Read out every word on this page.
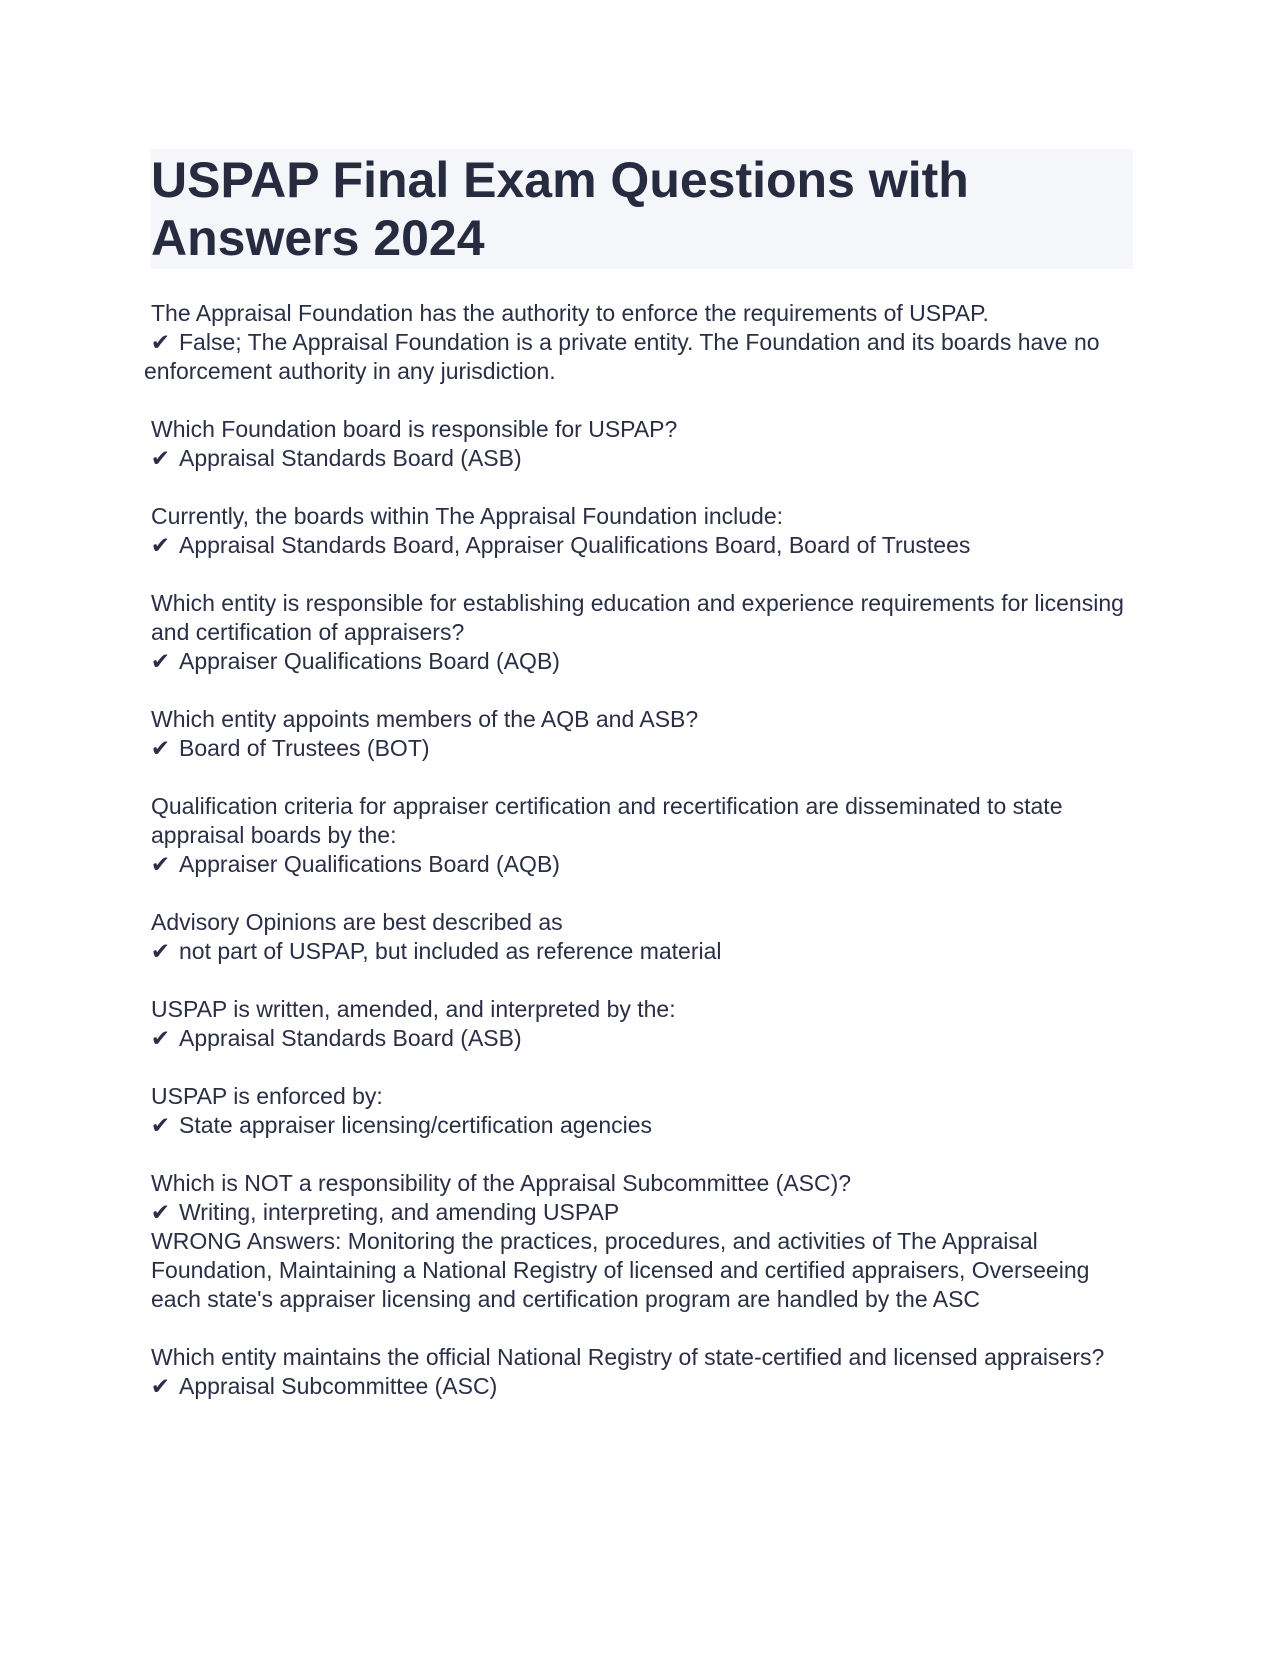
USPAP Final Exam Questions with Answers 2024
The Appraisal Foundation has the authority to enforce the requirements of USPAP.
✔ False; The Appraisal Foundation is a private entity. The Foundation and its boards have no enforcement authority in any jurisdiction.
Which Foundation board is responsible for USPAP?
✔ Appraisal Standards Board (ASB)
Currently, the boards within The Appraisal Foundation include:
✔ Appraisal Standards Board, Appraiser Qualifications Board, Board of Trustees
Which entity is responsible for establishing education and experience requirements for licensing and certification of appraisers?
✔ Appraiser Qualifications Board (AQB)
Which entity appoints members of the AQB and ASB?
✔ Board of Trustees (BOT)
Qualification criteria for appraiser certification and recertification are disseminated to state appraisal boards by the:
✔ Appraiser Qualifications Board (AQB)
Advisory Opinions are best described as
✔ not part of USPAP, but included as reference material
USPAP is written, amended, and interpreted by the:
✔ Appraisal Standards Board (ASB)
USPAP is enforced by:
✔ State appraiser licensing/certification agencies
Which is NOT a responsibility of the Appraisal Subcommittee (ASC)?
✔ Writing, interpreting, and amending USPAP
WRONG Answers: Monitoring the practices, procedures, and activities of The Appraisal Foundation, Maintaining a National Registry of licensed and certified appraisers, Overseeing each state's appraiser licensing and certification program are handled by the ASC
Which entity maintains the official National Registry of state-certified and licensed appraisers?
✔ Appraisal Subcommittee (ASC)
